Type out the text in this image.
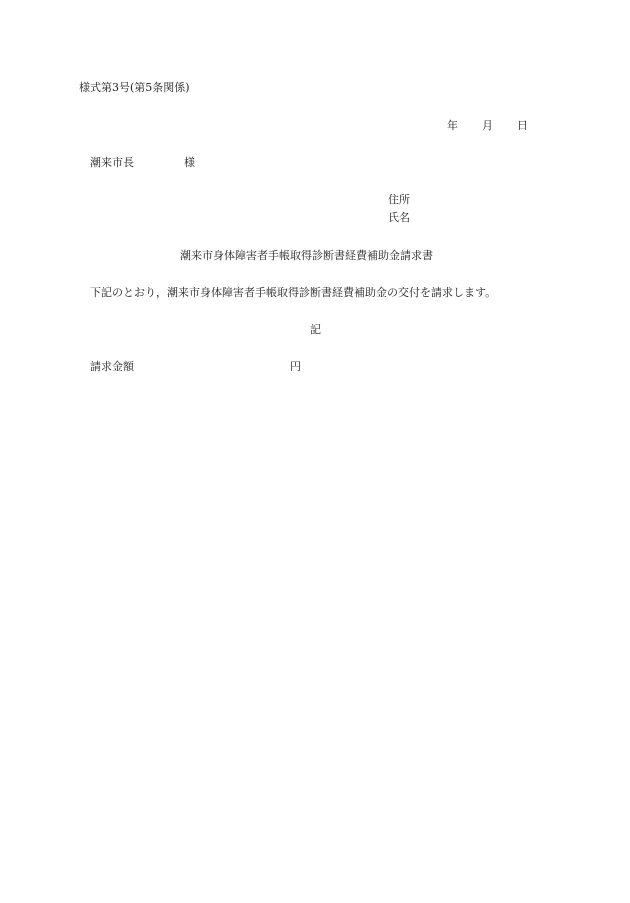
様式第3号(第5条関係)
年 月 日
潮来市長	様
住所
氏名
潮来市身体障害者手帳取得診断書経費補助金請求書
下記のとおり，潮来市身体障害者手帳取得診断書経費補助金の交付を請求します。
記
請求金額	円
